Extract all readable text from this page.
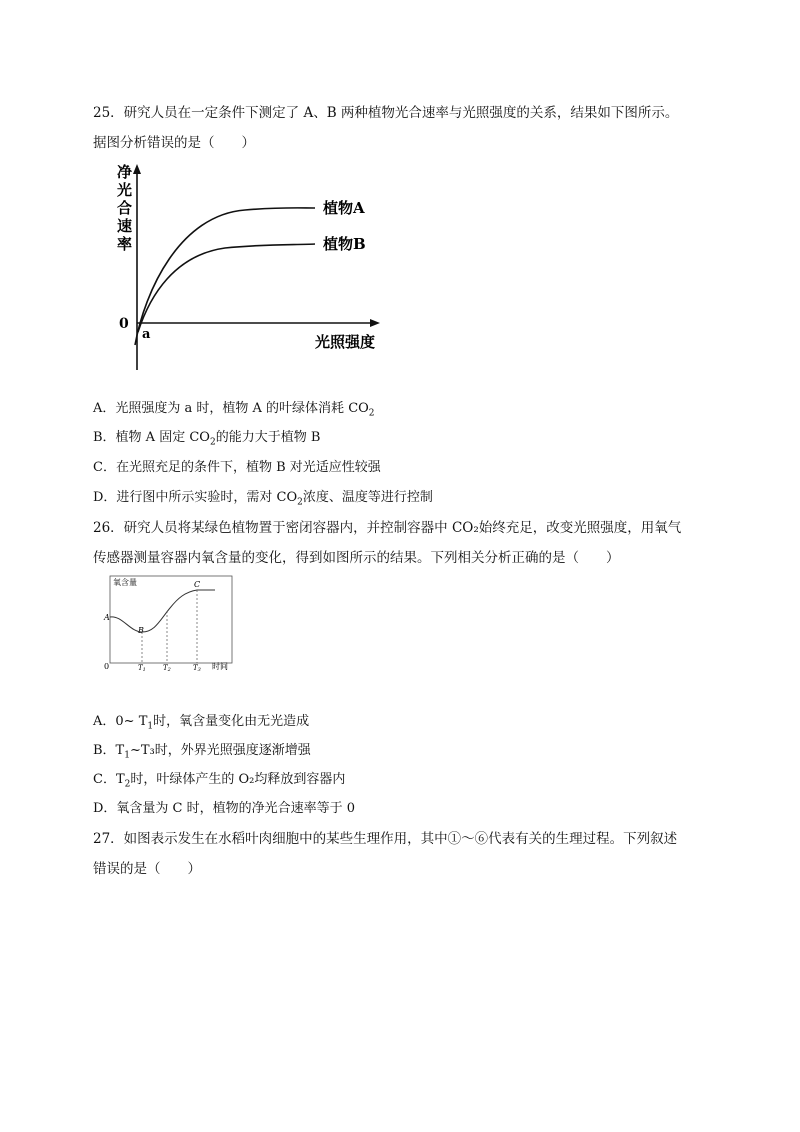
25．研究人员在一定条件下测定了 A、B 两种植物光合速率与光照强度的关系，结果如下图所示。
据图分析错误的是（　　）
净
光
合
速
率
0
a	光照强度
植物A
植物B
A．光照强度为 a 时，植物 A 的叶绿体消耗 $CO_2$
B．植物 A 固定 $CO_2$的能力大于植物 B
C．在光照充足的条件下，植物 B 对光适应性较强
D．进行图中所示实验时，需对 $CO_2$浓度、温度等进行控制
26．研究人员将某绿色植物置于密闭容器内，并控制容器中 CO₂始终充足，改变光照强度，用氧气
传感器测量容器内氧含量的变化，得到如图所示的结果。下列相关分析正确的是（　　）
氧含量
0	时间
A
B
C
T1 T2	T3
A．0~ $T_1$时，氧含量变化由无光造成
B．$T_1\sim T_3$时，外界光照强度逐渐增强
C．$T_2$时，叶绿体产生的 O₂均释放到容器内
D．氧含量为 C 时，植物的净光合速率等于 0
27．如图表示发生在水稻叶肉细胞中的某些生理作用，其中①～⑥代表有关的生理过程。下列叙述
错误的是（　　）
